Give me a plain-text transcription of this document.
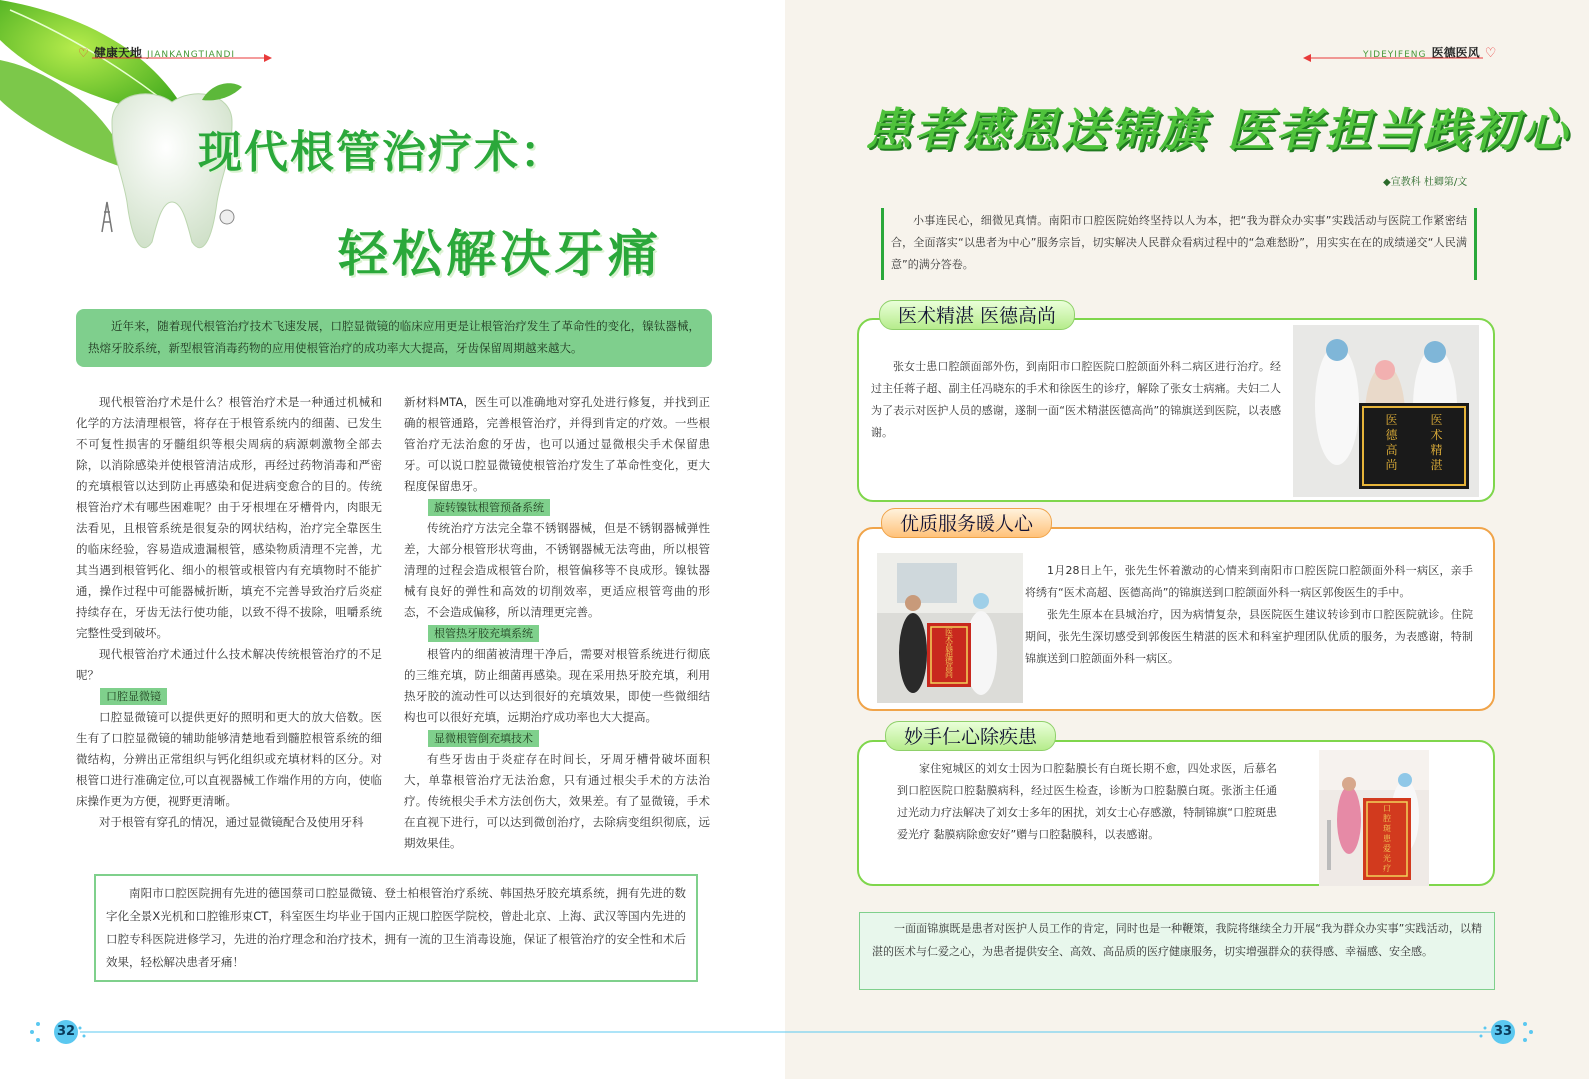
♡ 健康天地 JIANKANGTIANDI
现代根管治疗术：
轻松解决牙痛

近年来，随着现代根管治疗技术飞速发展，口腔显微镜的临床应用更是让根管治疗发生了革命性的变化，镍钛器械，热熔牙胶系统，新型根管消毒药物的应用使根管治疗的成功率大大提高，牙齿保留周期越来越大。

现代根管治疗术是什么？根管治疗术是一种通过机械和化学的方法清理根管，将存在于根管系统内的细菌、已发生不可复性损害的牙髓组织等根尖周病的病源刺激物全部去除，以消除感染并使根管清洁成形，再经过药物消毒和严密的充填根管以达到防止再感染和促进病变愈合的目的。传统根管治疗术有哪些困难呢？由于牙根埋在牙槽骨内，肉眼无法看见，且根管系统是很复杂的网状结构，治疗完全靠医生的临床经验，容易造成遗漏根管，感染物质清理不完善，尤其当遇到根管钙化、细小的根管或根管内有充填物时不能扩通，操作过程中可能器械折断，填充不完善导致治疗后炎症持续存在，牙齿无法行使功能，以致不得不拔除，咀嚼系统完整性受到破坏。

现代根管治疗术通过什么技术解决传统根管治疗的不足呢？

口腔显微镜

口腔显微镜可以提供更好的照明和更大的放大倍数。医生有了口腔显微镜的辅助能够清楚地看到髓腔根管系统的细微结构，分辨出正常组织与钙化组织或充填材料的区分。对根管口进行准确定位,可以直视器械工作端作用的方向，使临床操作更为方便，视野更清晰。

对于根管有穿孔的情况，通过显微镜配合及使用牙科

新材料MTA，医生可以准确地对穿孔处进行修复，并找到正确的根管通路，完善根管治疗，并得到肯定的疗效。一些根管治疗无法治愈的牙齿，也可以通过显微根尖手术保留患牙。可以说口腔显微镜使根管治疗发生了革命性变化，更大程度保留患牙。
旋转镍钛根管预备系统

传统治疗方法完全靠不锈钢器械，但是不锈钢器械弹性差，大部分根管形状弯曲，不锈钢器械无法弯曲，所以根管清理的过程会造成根管台阶，根管偏移等不良成形。镍钛器械有良好的弹性和高效的切削效率，更适应根管弯曲的形态，不会造成偏移，所以清理更完善。

根管热牙胶充填系统

根管内的细菌被清理干净后，需要对根管系统进行彻底的三维充填，防止细菌再感染。现在采用热牙胶充填，利用热牙胶的流动性可以达到很好的充填效果，即使一些微细结构也可以很好充填，远期治疗成功率也大大提高。

显微根管倒充填技术

有些牙齿由于炎症存在时间长，牙周牙槽骨破坏面积大，单靠根管治疗无法治愈，只有通过根尖手术的方法治疗。传统根尖手术方法创伤大，效果差。有了显微镜，手术在直视下进行，可以达到微创治疗，去除病变组织彻底，远期效果佳。

南阳市口腔医院拥有先进的德国蔡司口腔显微镜、登士柏根管治疗系统、韩国热牙胶充填系统，拥有先进的数字化全景X光机和口腔锥形束CT，科室医生均毕业于国内正规口腔医学院校，曾赴北京、上海、武汉等国内先进的口腔专科医院进修学习，先进的治疗理念和治疗技术，拥有一流的卫生消毒设施，保证了根管治疗的安全性和术后效果，轻松解决患者牙痛！

32
YIDEYIFENG 医德医风 ♡
患者感恩送锦旗 医者担当践初心
◆宣教科 杜卿第/文

小事连民心，细微见真情。南阳市口腔医院始终坚持以人为本，把“我为群众办实事”实践活动与医院工作紧密结合，全面落实“以患者为中心”服务宗旨，切实解决人民群众看病过程中的“急难愁盼”，用实实在在的成绩递交“人民满意”的满分答卷。

医术精湛 医德高尚

张女士患口腔颌面部外伤，到南阳市口腔医院口腔颌面外科二病区进行治疗。经过主任蒋子超、副主任冯晓东的手术和徐医生的诊疗，解除了张女士病痛。夫妇二人为了表示对医护人员的感谢，遂制一面“医术精湛医德高尚”的锦旗送到医院，以表感谢。

医
德
高
尚
医
术
精
湛
优质服务暖人心
医
术
高
超
德
高
尚

1月28日上午，张先生怀着激动的心情来到南阳市口腔医院口腔颌面外科一病区，亲手将绣有“医术高超、医德高尚”的锦旗送到口腔颌面外科一病区郭俊医生的手中。

张先生原本在县城治疗，因为病情复杂，县医院医生建议转诊到市口腔医院就诊。住院期间，张先生深切感受到郭俊医生精湛的医术和科室护理团队优质的服务，为表感谢，特制锦旗送到口腔颌面外科一病区。

妙手仁心除疾患

家住宛城区的刘女士因为口腔黏膜长有白斑长期不愈，四处求医，后慕名到口腔医院口腔黏膜病科，经过医生检查，诊断为口腔黏膜白斑。张浙主任通过光动力疗法解决了刘女士多年的困扰，刘女士心存感激，特制锦旗“口腔斑患爱光疗 黏膜病除愈安好”赠与口腔黏膜科，以表感谢。

口
腔
斑
患
爱
光
疗

一面面锦旗既是患者对医护人员工作的肯定，同时也是一种鞭策，我院将继续全力开展“我为群众办实事”实践活动，以精湛的医术与仁爱之心，为患者提供安全、高效、高品质的医疗健康服务，切实增强群众的获得感、幸福感、安全感。

33
